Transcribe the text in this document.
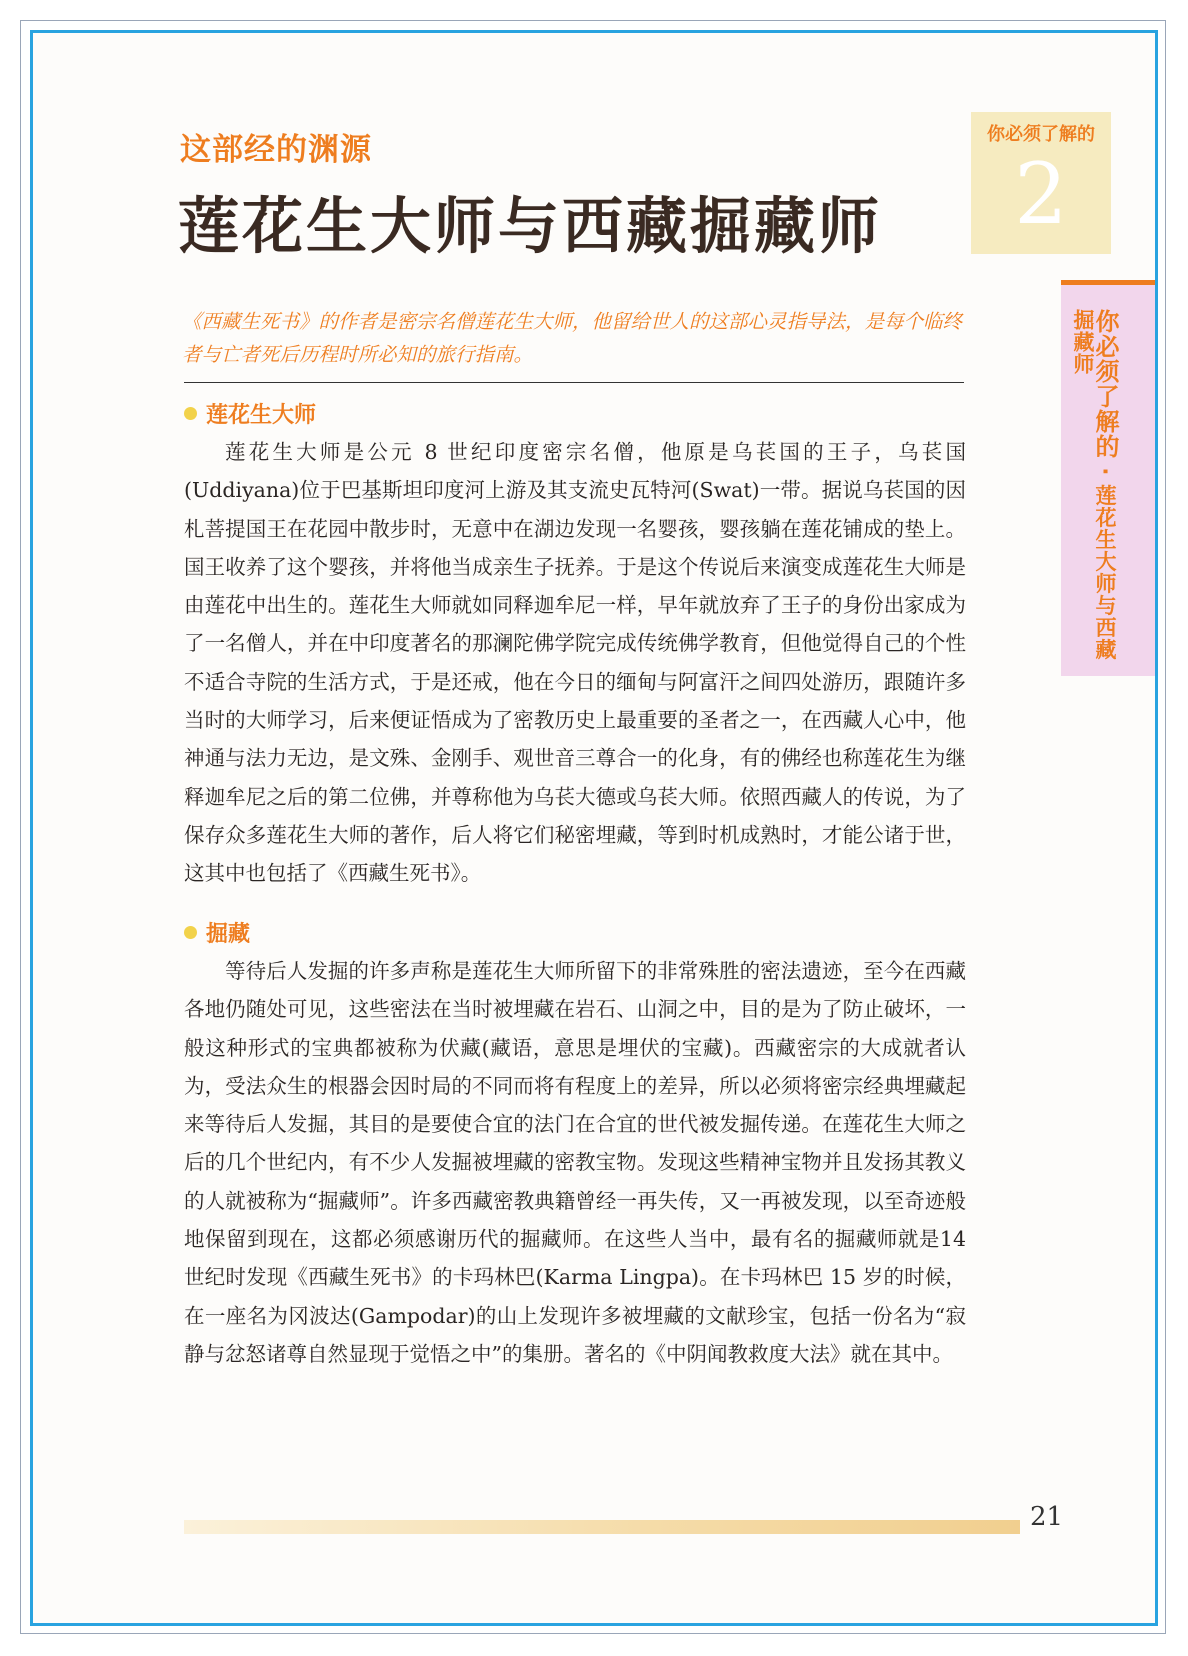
这部经的渊源
莲花生大师与西藏掘藏师
你必须了解的
2
你必须了解的 · 莲花生大师与西藏掘藏师

《西藏生死书》的作者是密宗名僧莲花生大师，他留给世人的这部心灵指导法，是每个临终者与亡者死后历程时所必知的旅行指南。

莲花生大师

莲花生大师是公元 8 世纪印度密宗名僧，他原是乌苌国的王子，乌苌国(Uddiyana)位于巴基斯坦印度河上游及其支流史瓦特河(Swat)一带。据说乌苌国的因札菩提国王在花园中散步时，无意中在湖边发现一名婴孩，婴孩躺在莲花铺成的垫上。国王收养了这个婴孩，并将他当成亲生子抚养。于是这个传说后来演变成莲花生大师是由莲花中出生的。莲花生大师就如同释迦牟尼一样，早年就放弃了王子的身份出家成为了一名僧人，并在中印度著名的那澜陀佛学院完成传统佛学教育，但他觉得自己的个性不适合寺院的生活方式，于是还戒，他在今日的缅甸与阿富汗之间四处游历，跟随许多当时的大师学习，后来便证悟成为了密教历史上最重要的圣者之一，在西藏人心中，他神通与法力无边，是文殊、金刚手、观世音三尊合一的化身，有的佛经也称莲花生为继释迦牟尼之后的第二位佛，并尊称他为乌苌大德或乌苌大师。依照西藏人的传说，为了保存众多莲花生大师的著作，后人将它们秘密埋藏，等到时机成熟时，才能公诸于世，这其中也包括了《西藏生死书》。

掘藏

等待后人发掘的许多声称是莲花生大师所留下的非常殊胜的密法遗迹，至今在西藏各地仍随处可见，这些密法在当时被埋藏在岩石、山洞之中，目的是为了防止破坏，一般这种形式的宝典都被称为伏藏(藏语，意思是埋伏的宝藏)。西藏密宗的大成就者认为，受法众生的根器会因时局的不同而将有程度上的差异，所以必须将密宗经典埋藏起来等待后人发掘，其目的是要使合宜的法门在合宜的世代被发掘传递。在莲花生大师之后的几个世纪内，有不少人发掘被埋藏的密教宝物。发现这些精神宝物并且发扬其教义的人就被称为“掘藏师”。许多西藏密教典籍曾经一再失传，又一再被发现，以至奇迹般地保留到现在，这都必须感谢历代的掘藏师。在这些人当中，最有名的掘藏师就是14 世纪时发现《西藏生死书》的卡玛林巴(Karma Lingpa)。在卡玛林巴 15 岁的时候，在一座名为冈波达(Gampodar)的山上发现许多被埋藏的文献珍宝，包括一份名为“寂静与忿怒诸尊自然显现于觉悟之中”的集册。著名的《中阴闻教救度大法》就在其中。

21
